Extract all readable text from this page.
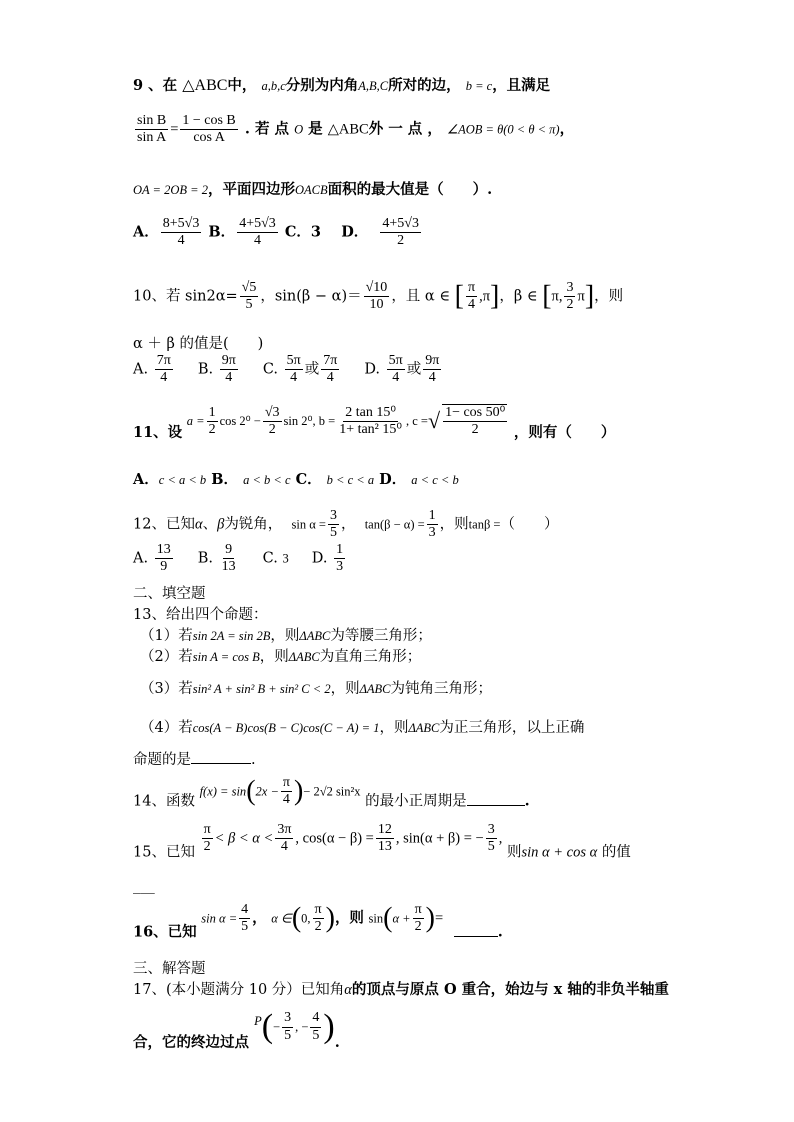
9 、在 △ABC中， a,b,c分别为内角A,B,C所对的边， b = c，且满足
$\frac{\text{sin B}}{\text{sin A}} = \frac{\text{1 − cos B}}{\text{cos A}}$ . 若 点 O 是 △ABC外 一 点 ， ∠AOB = θ(0 < θ < π)，
OA = 2OB = 2，平面四边形OACB面积的最大值是（　　）.
A． $\frac{8+5√3}{4}$ B． $\frac{4+5√3}{4}$ C．3 D． $\frac{4+5√3}{2}$
10、若 $\sin 2\alpha= \frac{√5}{5}$ ，$\sin(\beta - \alpha)= \frac{√10}{10}$ ，且 α ∈ [ $\frac{\pi}{4} ,\pi$]，β ∈ [π, $\frac{3}{2} \pi$]，则
α ＋ β 的值是(　　)
A. $\frac{7\pi}{4} B$. $\frac{9\pi}{4} C$. $\frac{5\pi}{4}$ 或 $\frac{7\pi}{4} D$. $\frac{5\pi}{4}$ 或 $\frac{9\pi}{4}$
11、设 $a = \frac{1}{2}$ $\cos 2^0 - \frac{√3}{2}$ sin 2⁰, $b = \frac{\text{2 tan 15⁰}}{\text{1+ tan² 15⁰}}$ , c =√ $\frac{\text{1− cos 50⁰}}{2}$ ，则有（　　）
A．c < a < b B． a < b < c C． b < c < a D． a < c < b
12、已知α、β为锐角， $\sin \alpha = \frac{3}{5}$ ， $\tan(\beta - \alpha) = \frac{1}{3}$ ，则tanβ =（　　）
A. $\frac{13}{9} B$. $\frac{9}{13} C$. 3 D. $\frac{1}{3}$
二、填空题
13、给出四个命题：
（1）若sin 2A = sin 2B，则ΔABC为等腰三角形；
（2）若sin A = cos B，则ΔABC为直角三角形；
（3）若sin² A + sin² B + sin² C < 2，则ΔABC为钝角三角形；
（4）若cos(A − B)cos(B − C)cos(C − A) = 1，则ΔABC为正三角形，以上正确
命题的是	.
14、函数 $f(x) = \sin(2x - \frac{\pi}{4}$ )− 2√2 sin²x 的最小正周期是	.
15、已知 $\frac{\pi}{2} < \beta < \alpha < \frac{3\pi}{4}$ , $\cos(\alpha - \beta) = \frac{12}{13}$ , sin(α + β) = − $\frac{3}{5}$ , 则sin α + cos α 的值
___
16、已知 $\sin \alpha = \frac{4}{5}$ ， α ∈(0, $\frac{\pi}{2}$ )，则 $\sin(\alpha + \frac{\pi}{2}$ )= .
三、解答题
17、(本小题满分 10 分）已知角α的顶点与原点 O 重合，始边与 x 轴的非负半轴重
合，它的终边过点 $P(- \frac{3}{5}$ , − $\frac{4}{5}$ ).
